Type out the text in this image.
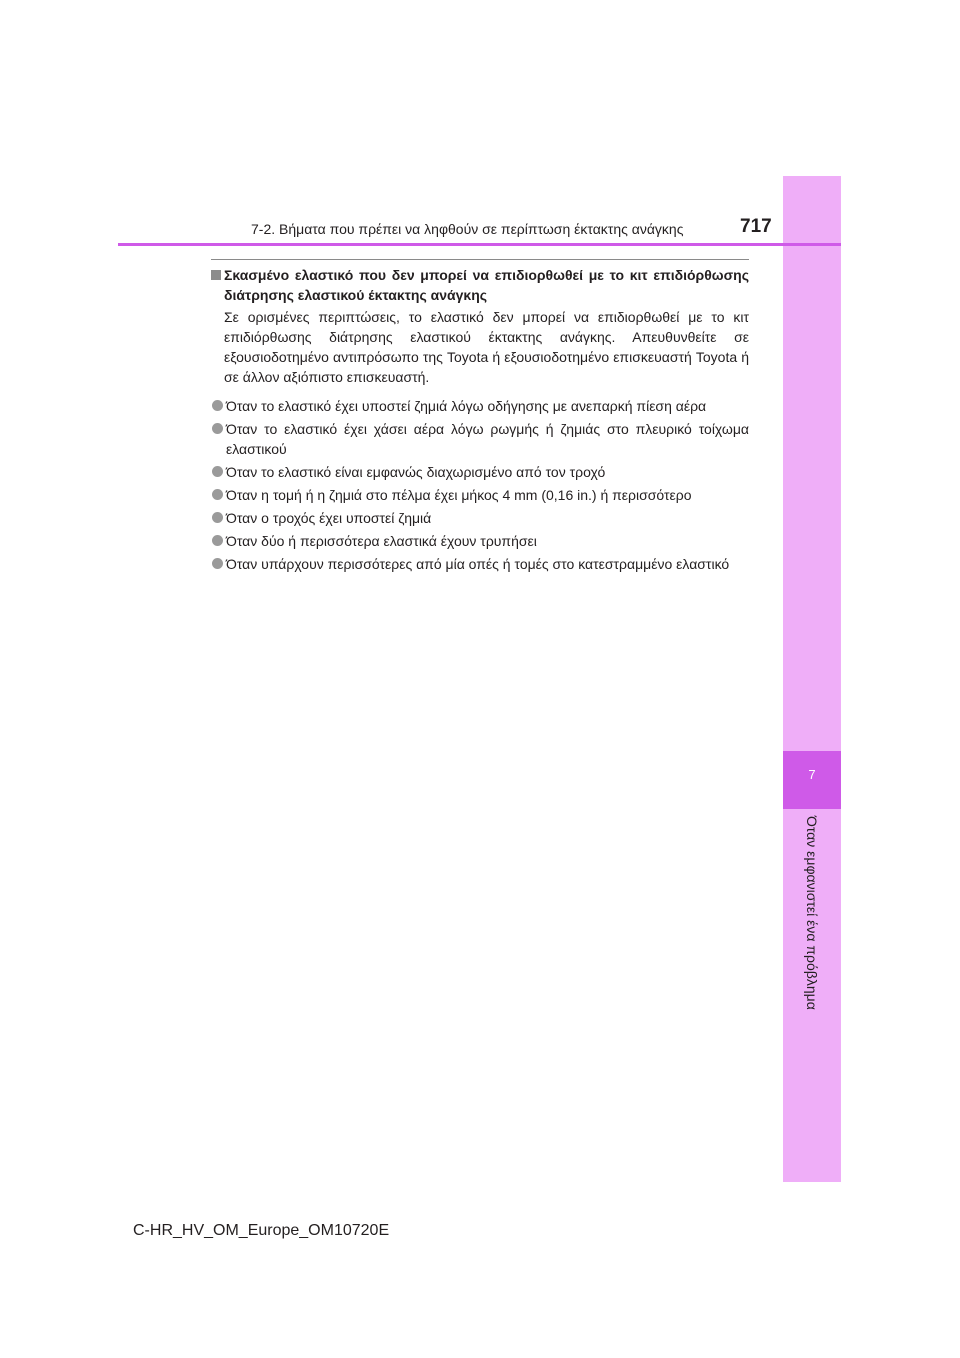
7
Όταν εμφανιστεί ένα πρόβλημα
7-2. Βήματα που πρέπει να ληφθούν σε περίπτωση έκτακτης ανάγκης	717

Σκασμένο ελαστικό που δεν μπορεί να επιδιορθωθεί με το κιτ επιδιόρθωσης διάτρησης ελαστικού έκτακτης ανάγκης

Σε ορισμένες περιπτώσεις, το ελαστικό δεν μπορεί να επιδιορθωθεί με το κιτ επιδιόρθωσης διάτρησης ελαστικού έκτακτης ανάγκης. Απευθυνθείτε σε εξουσιοδοτημένο αντιπρόσωπο της Toyota ή εξουσιοδοτημένο επισκευαστή Toyota ή σε άλλον αξιόπιστο επισκευαστή.

Όταν το ελαστικό έχει υποστεί ζημιά λόγω οδήγησης με ανεπαρκή πίεση αέρα
Όταν το ελαστικό έχει χάσει αέρα λόγω ρωγμής ή ζημιάς στο πλευρικό τοίχωμα ελαστικού
Όταν το ελαστικό είναι εμφανώς διαχωρισμένο από τον τροχό
Όταν η τομή ή η ζημιά στο πέλμα έχει μήκος 4 mm (0,16 in.) ή περισσότερο
Όταν ο τροχός έχει υποστεί ζημιά
Όταν δύο ή περισσότερα ελαστικά έχουν τρυπήσει
Όταν υπάρχουν περισσότερες από μία οπές ή τομές στο κατεστραμμένο ελαστικό
C-HR_HV_OM_Europe_OM10720E
